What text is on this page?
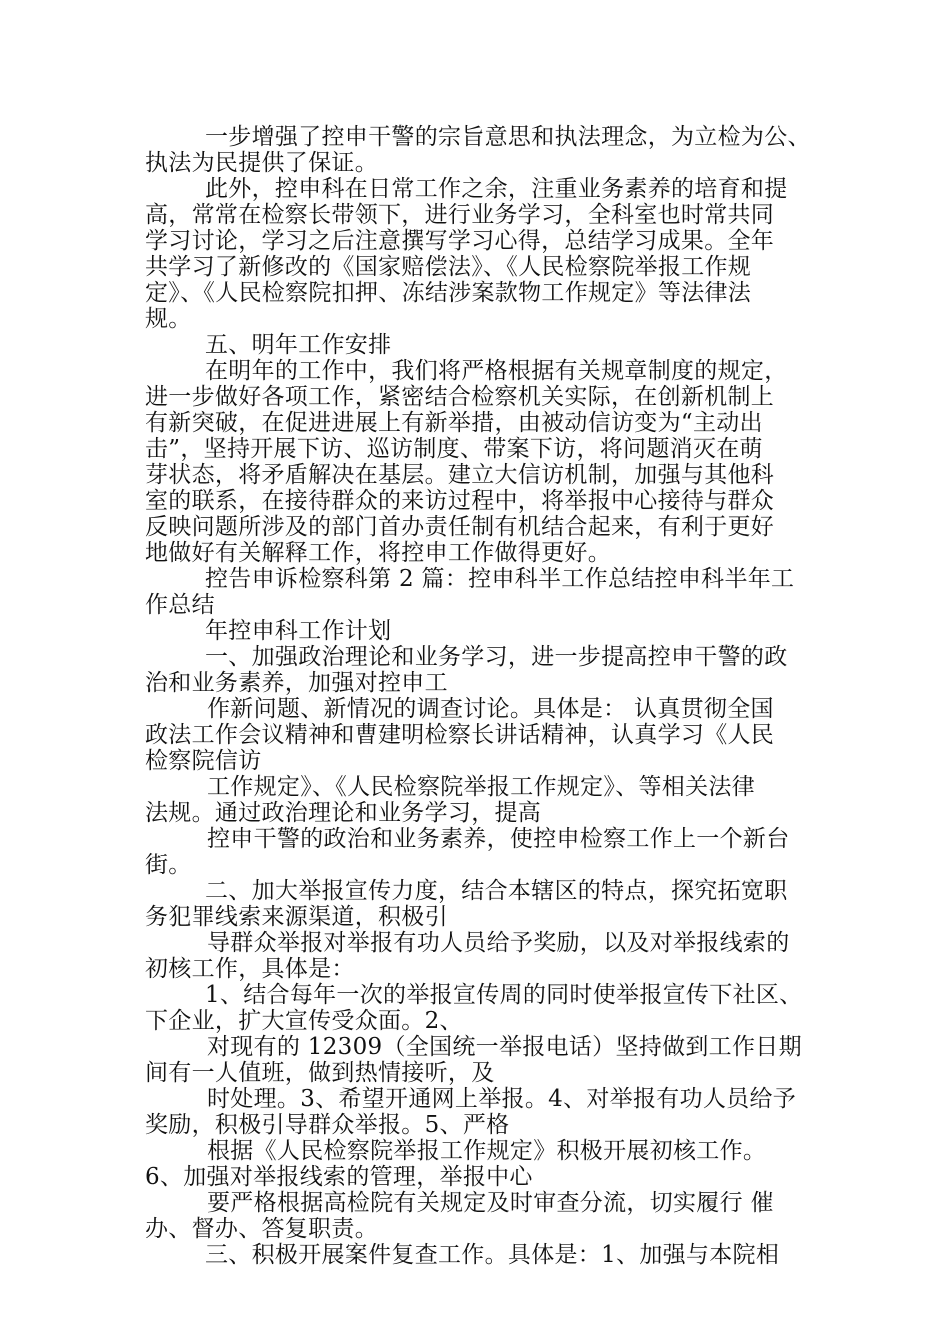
一步增强了控申干警的宗旨意思和执法理念，为立检为公、
执法为民提供了保证。
此外，控申科在日常工作之余，注重业务素养的培育和提
高，常常在检察长带领下，进行业务学习，全科室也时常共同
学习讨论，学习之后注意撰写学习心得，总结学习成果。全年
共学习了新修改的《国家赔偿法》、《人民检察院举报工作规
定》、《人民检察院扣押、冻结涉案款物工作规定》等法律法
规。
五、明年工作安排
在明年的工作中，我们将严格根据有关规章制度的规定，
进一步做好各项工作，紧密结合检察机关实际，在创新机制上
有新突破，在促进进展上有新举措，由被动信访变为“主动出
击”，坚持开展下访、巡访制度、带案下访，将问题消灭在萌
芽状态，将矛盾解决在基层。建立大信访机制，加强与其他科
室的联系，在接待群众的来访过程中，将举报中心接待与群众
反映问题所涉及的部门首办责任制有机结合起来，有利于更好
地做好有关解释工作，将控申工作做得更好。
控告申诉检察科第 2 篇：控申科半工作总结控申科半年工
作总结
年控申科工作计划
一、加强政治理论和业务学习，进一步提高控申干警的政
治和业务素养，加强对控申工
作新问题、新情况的调查讨论。具体是： 认真贯彻全国
政法工作会议精神和曹建明检察长讲话精神，认真学习《人民
检察院信访
工作规定》、《人民检察院举报工作规定》、等相关法律
法规。通过政治理论和业务学习，提高
控申干警的政治和业务素养，使控申检察工作上一个新台
街。
二、加大举报宣传力度，结合本辖区的特点，探究拓宽职
务犯罪线索来源渠道，积极引
导群众举报对举报有功人员给予奖励，以及对举报线索的
初核工作，具体是：
1、结合每年一次的举报宣传周的同时使举报宣传下社区、
下企业，扩大宣传受众面。2、
对现有的 12309（全国统一举报电话）坚持做到工作日期
间有一人值班，做到热情接听，及
时处理。3、希望开通网上举报。4、对举报有功人员给予
奖励，积极引导群众举报。5、严格
根据《人民检察院举报工作规定》积极开展初核工作。
6、加强对举报线索的管理，举报中心
要严格根据高检院有关规定及时审查分流，切实履行 催
办、督办、答复职责。
三、积极开展案件复查工作。具体是：1、加强与本院相
